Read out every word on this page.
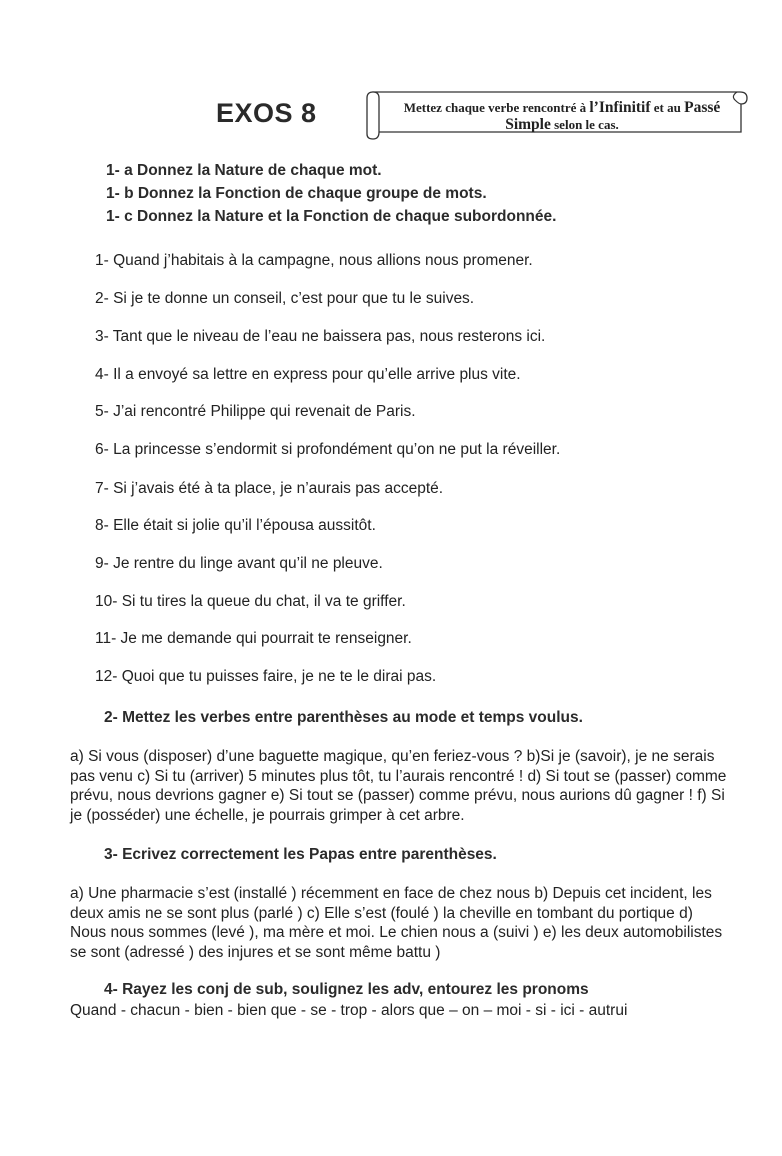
EXOS 8	Mettez chaque verbe rencontré à l’Infinitif et au Passé
Simple selon le cas.
1- a Donnez la Nature de chaque mot.
1- b Donnez la Fonction de chaque groupe de mots.
1- c Donnez la Nature et la Fonction de chaque subordonnée.
1- Quand j’habitais à la campagne, nous allions nous promener.
2- Si je te donne un conseil, c’est pour que tu le suives.
3- Tant que le niveau de l’eau ne baissera pas, nous resterons ici.
4- Il a envoyé sa lettre en express pour qu’elle arrive plus vite.
5- J’ai rencontré Philippe qui revenait de Paris.
6- La princesse s’endormit si profondément qu’on ne put la réveiller.
7- Si j’avais été à ta place, je n’aurais pas accepté.
8- Elle était si jolie qu’il l’épousa aussitôt.
9- Je rentre du linge avant qu’il ne pleuve.
10- Si tu tires la queue du chat, il va te griffer.
11- Je me demande qui pourrait te renseigner.
12- Quoi que tu puisses faire, je ne te le dirai pas.
2- Mettez les verbes entre parenthèses au mode et temps voulus.
a) Si vous (disposer) d’une baguette magique, qu’en feriez-vous ? b)Si je (savoir), je ne serais pas venu c) Si tu (arriver) 5 minutes plus tôt, tu l’aurais rencontré ! d) Si tout se (passer) comme prévu, nous devrions gagner e) Si tout se (passer) comme prévu, nous aurions dû gagner ! f) Si je (posséder) une échelle, je pourrais grimper à cet arbre.
3- Ecrivez correctement les Papas entre parenthèses.
a) Une pharmacie s’est (installé ) récemment en face de chez nous b) Depuis cet incident, les deux amis ne se sont plus (parlé ) c) Elle s’est (foulé ) la cheville en tombant du portique d) Nous nous sommes (levé ), ma mère et moi. Le chien nous a (suivi ) e) les deux automobilistes se sont (adressé ) des injures et se sont même battu )
4- Rayez les conj de sub, soulignez les adv, entourez les pronoms
Quand - chacun - bien - bien que - se - trop - alors que – on – moi - si - ici - autrui
